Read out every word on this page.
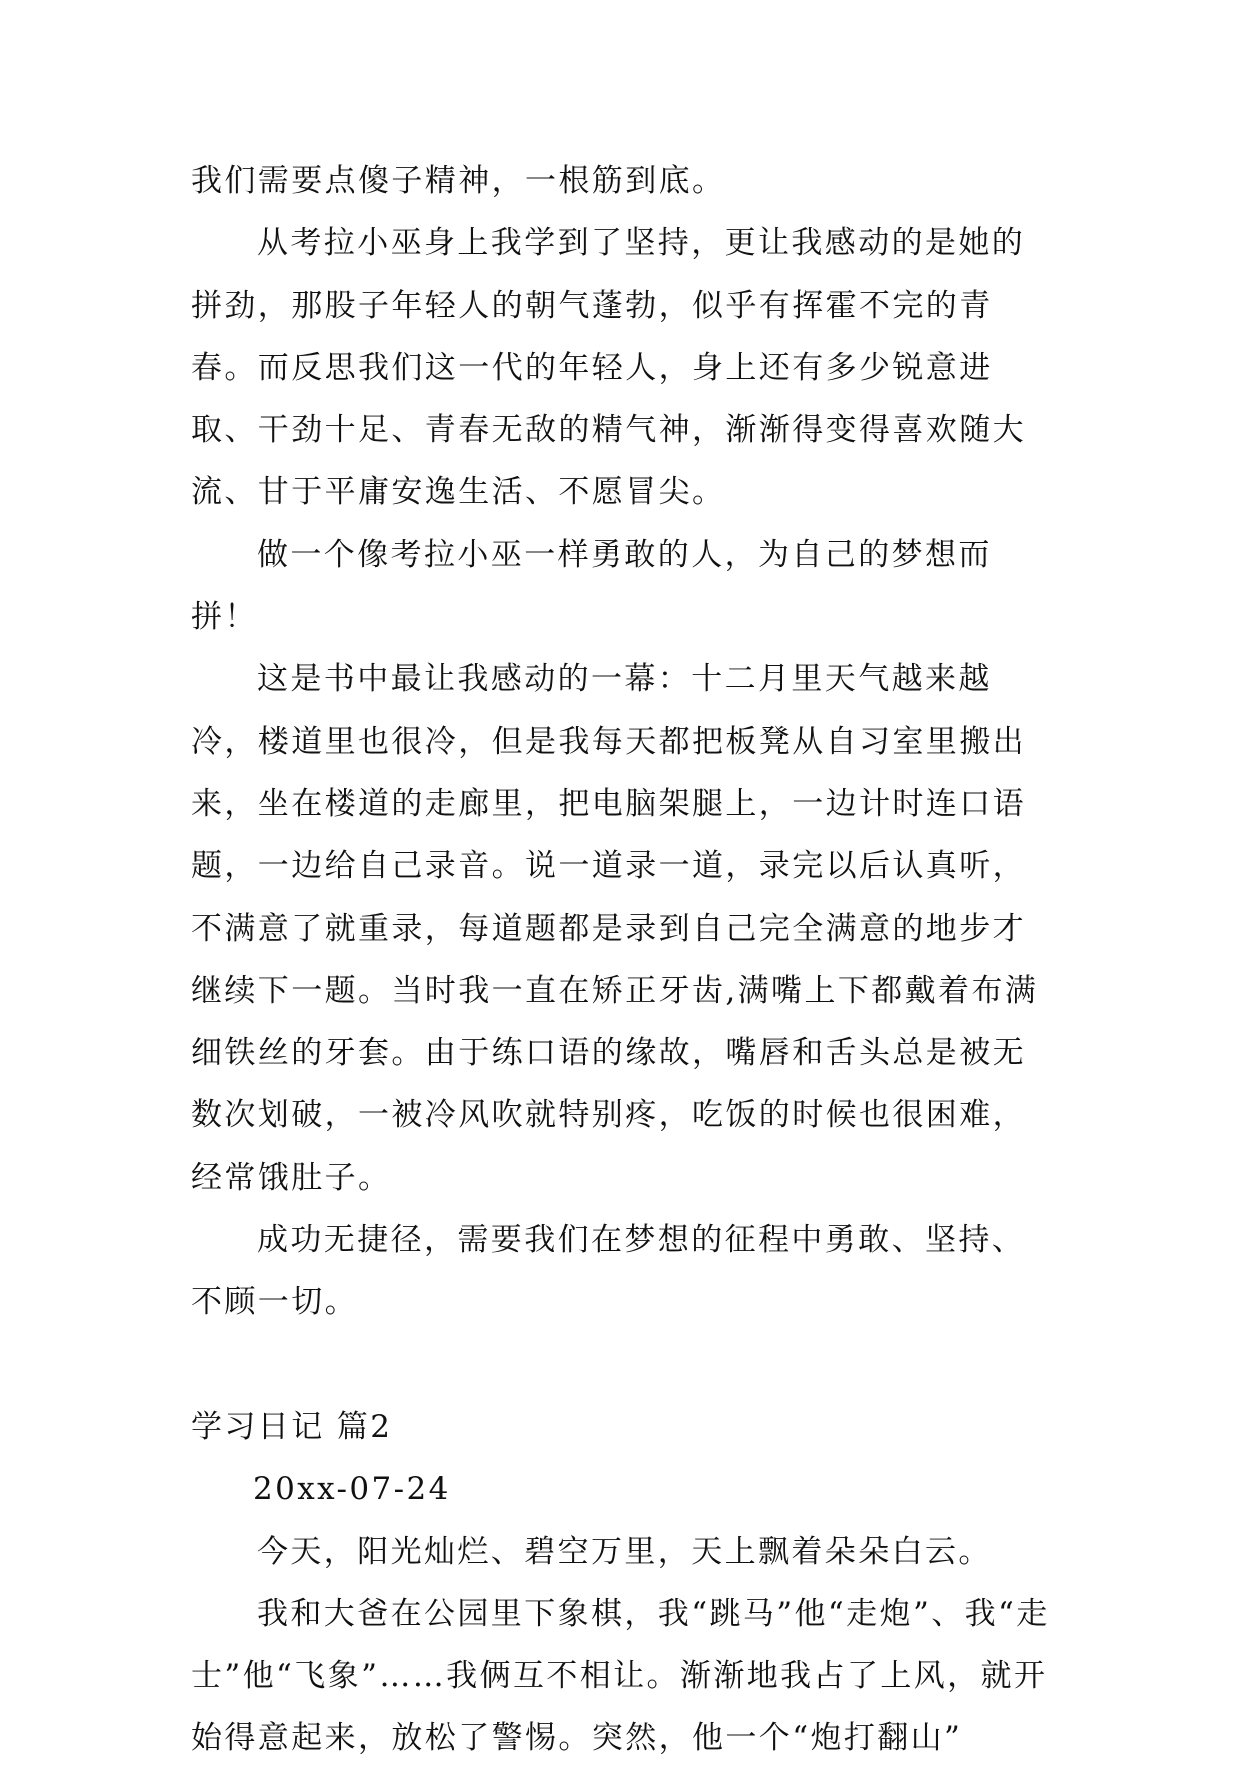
我们需要点傻子精神，一根筋到底。

从考拉小巫身上我学到了坚持，更让我感动的是她的拼劲，那股子年轻人的朝气蓬勃，似乎有挥霍不完的青春。而反思我们这一代的年轻人，身上还有多少锐意进取、干劲十足、青春无敌的精气神，渐渐得变得喜欢随大流、甘于平庸安逸生活、不愿冒尖。

做一个像考拉小巫一样勇敢的人，为自己的梦想而拼！

这是书中最让我感动的一幕：十二月里天气越来越冷，楼道里也很冷，但是我每天都把板凳从自习室里搬出来，坐在楼道的走廊里，把电脑架腿上，一边计时连口语题，一边给自己录音。说一道录一道，录完以后认真听，不满意了就重录，每道题都是录到自己完全满意的地步才继续下一题。当时我一直在矫正牙齿,满嘴上下都戴着布满细铁丝的牙套。由于练口语的缘故，嘴唇和舌头总是被无数次划破，一被冷风吹就特别疼，吃饭的时候也很困难，经常饿肚子。

成功无捷径，需要我们在梦想的征程中勇敢、坚持、不顾一切。

学习日记 篇2

20xx-07-24

今天，阳光灿烂、碧空万里，天上飘着朵朵白云。

我和大爸在公园里下象棋，我“跳马”他“走炮”、我“走士”他“飞象”……我俩互不相让。渐渐地我占了上风，就开始得意起来，放松了警惕。突然，他一个“炮打翻山”
